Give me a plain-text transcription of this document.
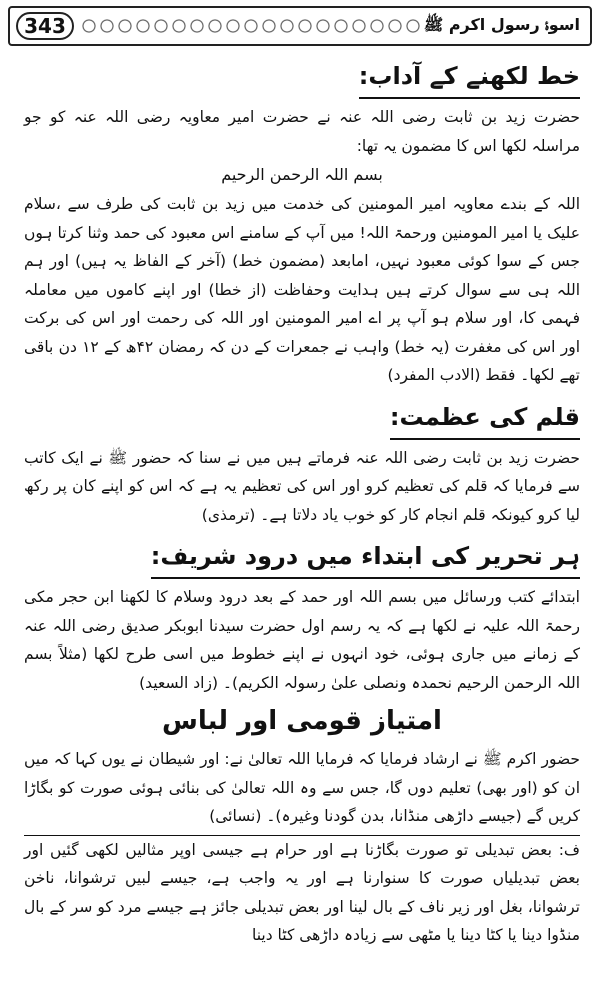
343	اسوۂ رسول اکرم ﷺ
خط لکھنے کے آداب:

حضرت زید بن ثابت رضی اللہ عنہ نے حضرت امیر معاویہ رضی اللہ عنہ کو جو مراسلہ لکھا اس کا مضمون یہ تھا:

بسم اللہ الرحمن الرحیم

اللہ کے بندے معاویہ امیر المومنین کی خدمت میں زید بن ثابت کی طرف سے ،سلام علیک یا امیر المومنین ورحمۃ اللہ! میں آپ کے سامنے اس معبود کی حمد وثنا کرتا ہوں جس کے سوا کوئی معبود نہیں، امابعد (مضمون خط) (آخر کے الفاظ یہ ہیں) اور ہم اللہ ہی سے سوال کرتے ہیں ہدایت وحفاظت (از خطا) اور اپنے کاموں میں معاملہ فہمی کا، اور سلام ہو آپ پر اے امیر المومنین اور اللہ کی رحمت اور اس کی برکت اور اس کی مغفرت (یہ خط) واہب نے جمعرات کے دن کہ رمضان ۴۲ھ کے ۱۲ دن باقی تھے لکھا۔ فقط (الادب المفرد)

قلم کی عظمت:

حضرت زید بن ثابت رضی اللہ عنہ فرماتے ہیں میں نے سنا کہ حضور ﷺ نے ایک کاتب سے فرمایا کہ قلم کی تعظیم کرو اور اس کی تعظیم یہ ہے کہ اس کو اپنے کان پر رکھ لیا کرو کیونکہ قلم انجام کار کو خوب یاد دلاتا ہے۔ (ترمذی)

ہر تحریر کی ابتداء میں درود شریف:

ابتدائے کتب ورسائل میں بسم اللہ اور حمد کے بعد درود وسلام کا لکھنا ابن حجر مکی رحمۃ اللہ علیہ نے لکھا ہے کہ یہ رسم اول حضرت سیدنا ابوبکر صدیق رضی اللہ عنہ کے زمانے میں جاری ہوئی، خود انہوں نے اپنے خطوط میں اسی طرح لکھا (مثلاً بسم اللہ الرحمن الرحیم نحمدہ ونصلی علیٰ رسولہ الکریم)۔ (زاد السعید)

امتیاز قومی اور لباس

حضور اکرم ﷺ نے ارشاد فرمایا کہ فرمایا اللہ تعالیٰ نے: اور شیطان نے یوں کہا کہ میں ان کو (اور بھی) تعلیم دوں گا، جس سے وہ اللہ تعالیٰ کی بنائی ہوئی صورت کو بگاڑا کریں گے (جیسے داڑھی منڈانا، بدن گودنا وغیرہ)۔ (نسائی)

ف: بعض تبدیلی تو صورت بگاڑنا ہے اور حرام ہے جیسی اوپر مثالیں لکھی گئیں اور بعض تبدیلیاں صورت کا سنوارنا ہے اور یہ واجب ہے، جیسے لبیں ترشوانا، ناخن ترشوانا، بغل اور زیر ناف کے بال لینا اور بعض تبدیلی جائز ہے جیسے مرد کو سر کے بال منڈوا دینا یا کٹا دینا یا مٹھی سے زیادہ داڑھی کٹا دینا
